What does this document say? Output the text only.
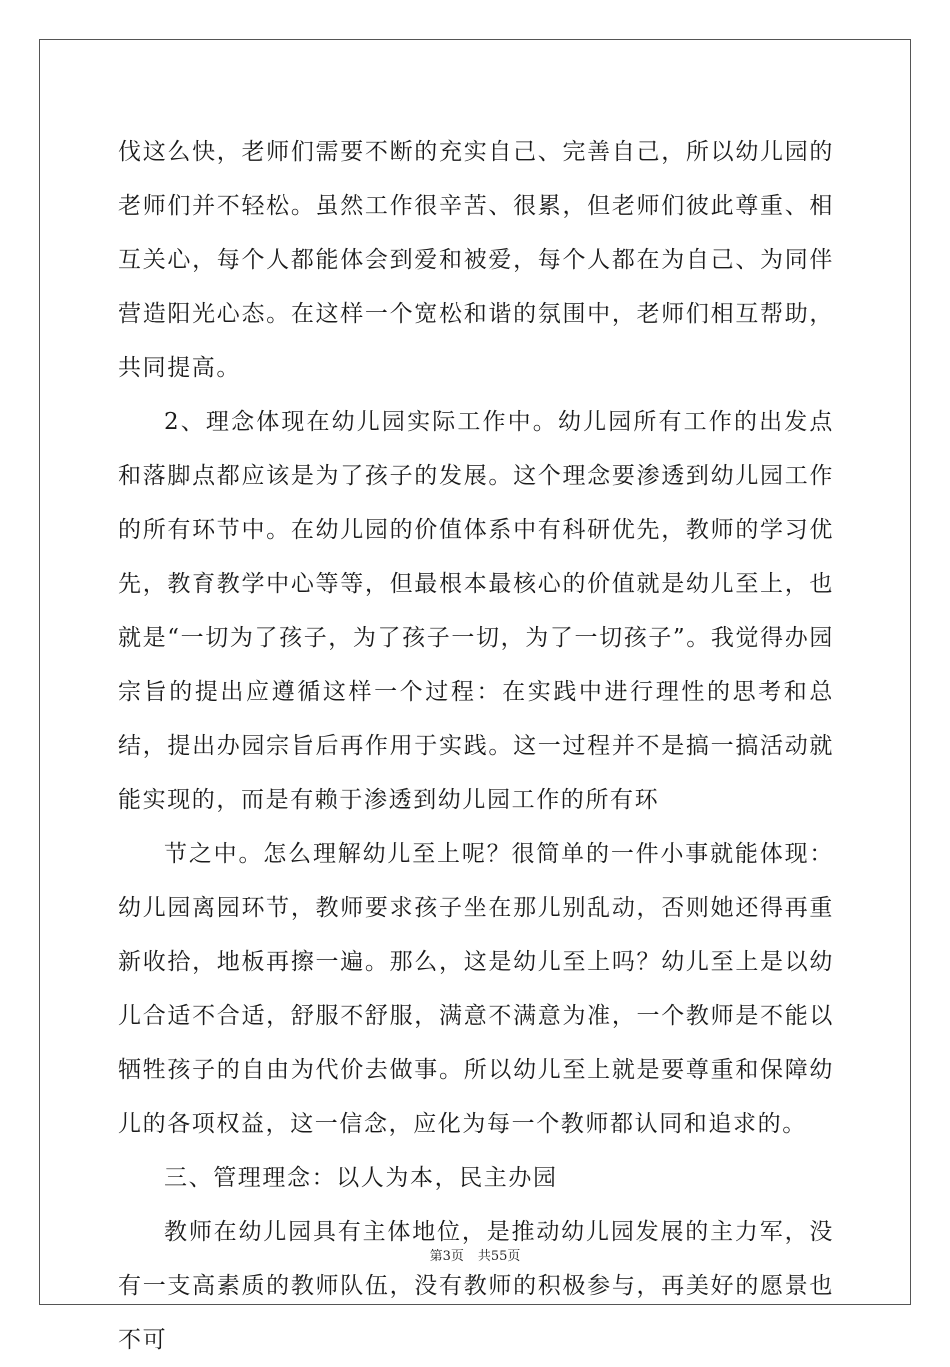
伐这么快，老师们需要不断的充实自己、完善自己，所以幼儿园的老师们并不轻松。虽然工作很辛苦、很累，但老师们彼此尊重、相互关心，每个人都能体会到爱和被爱，每个人都在为自己、为同伴营造阳光心态。在这样一个宽松和谐的氛围中，老师们相互帮助，共同提高。

2、理念体现在幼儿园实际工作中。幼儿园所有工作的出发点和落脚点都应该是为了孩子的发展。这个理念要渗透到幼儿园工作的所有环节中。在幼儿园的价值体系中有科研优先，教师的学习优先，教育教学中心等等，但最根本最核心的价值就是幼儿至上，也就是“一切为了孩子，为了孩子一切，为了一切孩子”。我觉得办园宗旨的提出应遵循这样一个过程：在实践中进行理性的思考和总结，提出办园宗旨后再作用于实践。这一过程并不是搞一搞活动就能实现的，而是有赖于渗透到幼儿园工作的所有环

节之中。怎么理解幼儿至上呢？很简单的一件小事就能体现：幼儿园离园环节，教师要求孩子坐在那儿别乱动，否则她还得再重新收拾，地板再擦一遍。那么，这是幼儿至上吗？幼儿至上是以幼儿合适不合适，舒服不舒服，满意不满意为准，一个教师是不能以牺牲孩子的自由为代价去做事。所以幼儿至上就是要尊重和保障幼儿的各项权益，这一信念，应化为每一个教师都认同和追求的。

三、管理理念：以人为本，民主办园

教师在幼儿园具有主体地位，是推动幼儿园发展的主力军，没有一支高素质的教师队伍，没有教师的积极参与，再美好的愿景也不可

第3页 共55页
